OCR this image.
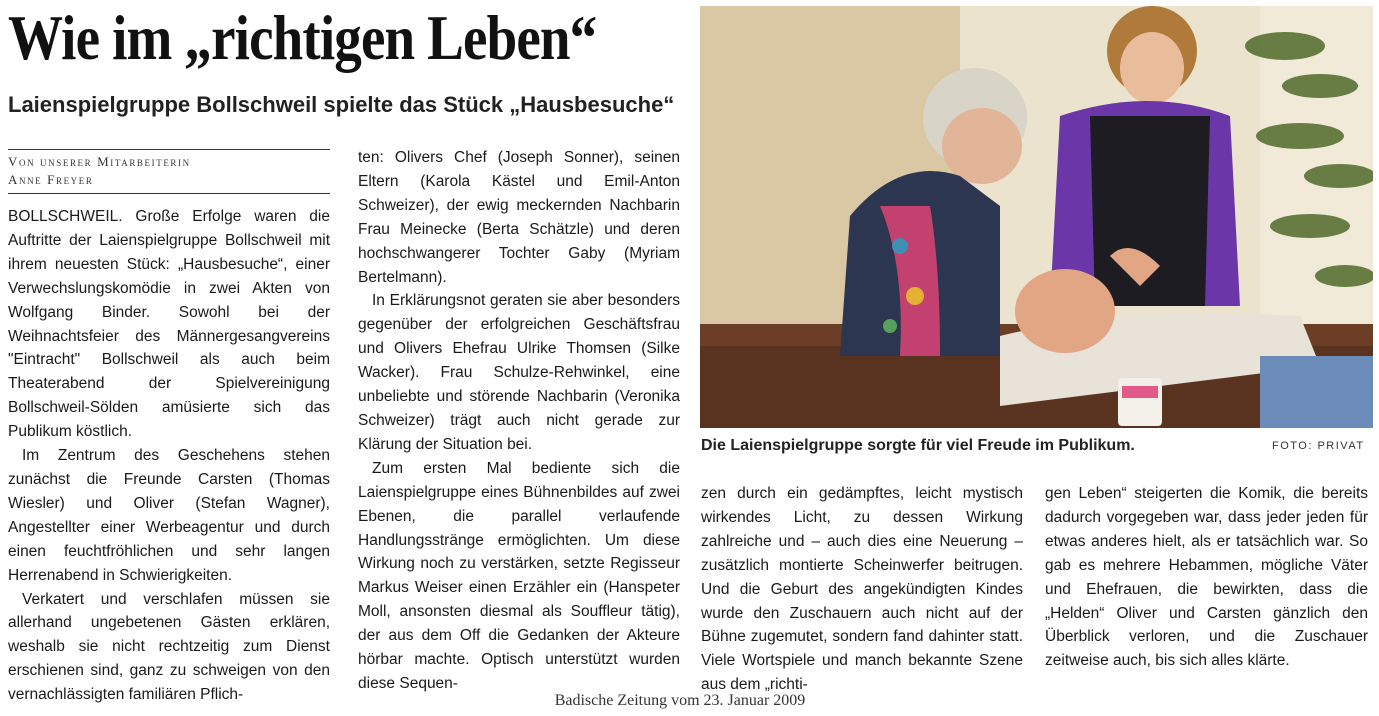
Wie im „richtigen Leben“
Laienspielgruppe Bollschweil spielte das Stück „Hausbesuche“
Von unserer Mitarbeiterin
Anne Freyer

BOLLSCHWEIL. Große Erfolge waren die Auftritte der Laienspielgruppe Bollschweil mit ihrem neuesten Stück: „Hausbesuche“, einer Verwechslungskomödie in zwei Akten von Wolfgang Binder. Sowohl bei der Weihnachtsfeier des Männergesangvereins "Eintracht" Bollschweil als auch beim Theaterabend der Spielvereinigung Bollschweil-Sölden amüsierte sich das Publikum köstlich.

Im Zentrum des Geschehens stehen zunächst die Freunde Carsten (Thomas Wiesler) und Oliver (Stefan Wagner), Angestellter einer Werbeagentur und durch einen feuchtfröhlichen und sehr langen Herrenabend in Schwierigkeiten.

Verkatert und verschlafen müssen sie allerhand ungebetenen Gästen erklären, weshalb sie nicht rechtzeitig zum Dienst erschienen sind, ganz zu schweigen von den vernachlässigten familiären Pflich-

ten: Olivers Chef (Joseph Sonner), seinen Eltern (Karola Kästel und Emil-Anton Schweizer), der ewig meckernden Nachbarin Frau Meinecke (Berta Schätzle) und deren hochschwangerer Tochter Gaby (Myriam Bertelmann).

In Erklärungsnot geraten sie aber besonders gegenüber der erfolgreichen Geschäftsfrau und Olivers Ehefrau Ulrike Thomsen (Silke Wacker). Frau Schulze-Rehwinkel, eine unbeliebte und störende Nachbarin (Veronika Schweizer) trägt auch nicht gerade zur Klärung der Situation bei.

Zum ersten Mal bediente sich die Laienspielgruppe eines Bühnenbildes auf zwei Ebenen, die parallel verlaufende Handlungsstränge ermöglichten. Um diese Wirkung noch zu verstärken, setzte Regisseur Markus Weiser einen Erzähler ein (Hanspeter Moll, ansonsten diesmal als Souffleur tätig), der aus dem Off die Gedanken der Akteure hörbar machte. Optisch unterstützt wurden diese Sequen-

Die Laienspielgruppe sorgte für viel Freude im Publikum.	FOTO: PRIVAT

zen durch ein gedämpftes, leicht mystisch wirkendes Licht, zu dessen Wirkung zahlreiche und – auch dies eine Neuerung – zusätzlich montierte Scheinwerfer beitrugen. Und die Geburt des angekündigten Kindes wurde den Zuschauern auch nicht auf der Bühne zugemutet, sondern fand dahinter statt. Viele Wortspiele und manch bekannte Szene aus dem „richti-

gen Leben“ steigerten die Komik, die bereits dadurch vorgegeben war, dass jeder jeden für etwas anderes hielt, als er tatsächlich war. So gab es mehrere Hebammen, mögliche Väter und Ehefrauen, die bewirkten, dass die „Helden“ Oliver und Carsten gänzlich den Überblick verloren, und die Zuschauer zeitweise auch, bis sich alles klärte.

Badische Zeitung vom 23. Januar 2009
